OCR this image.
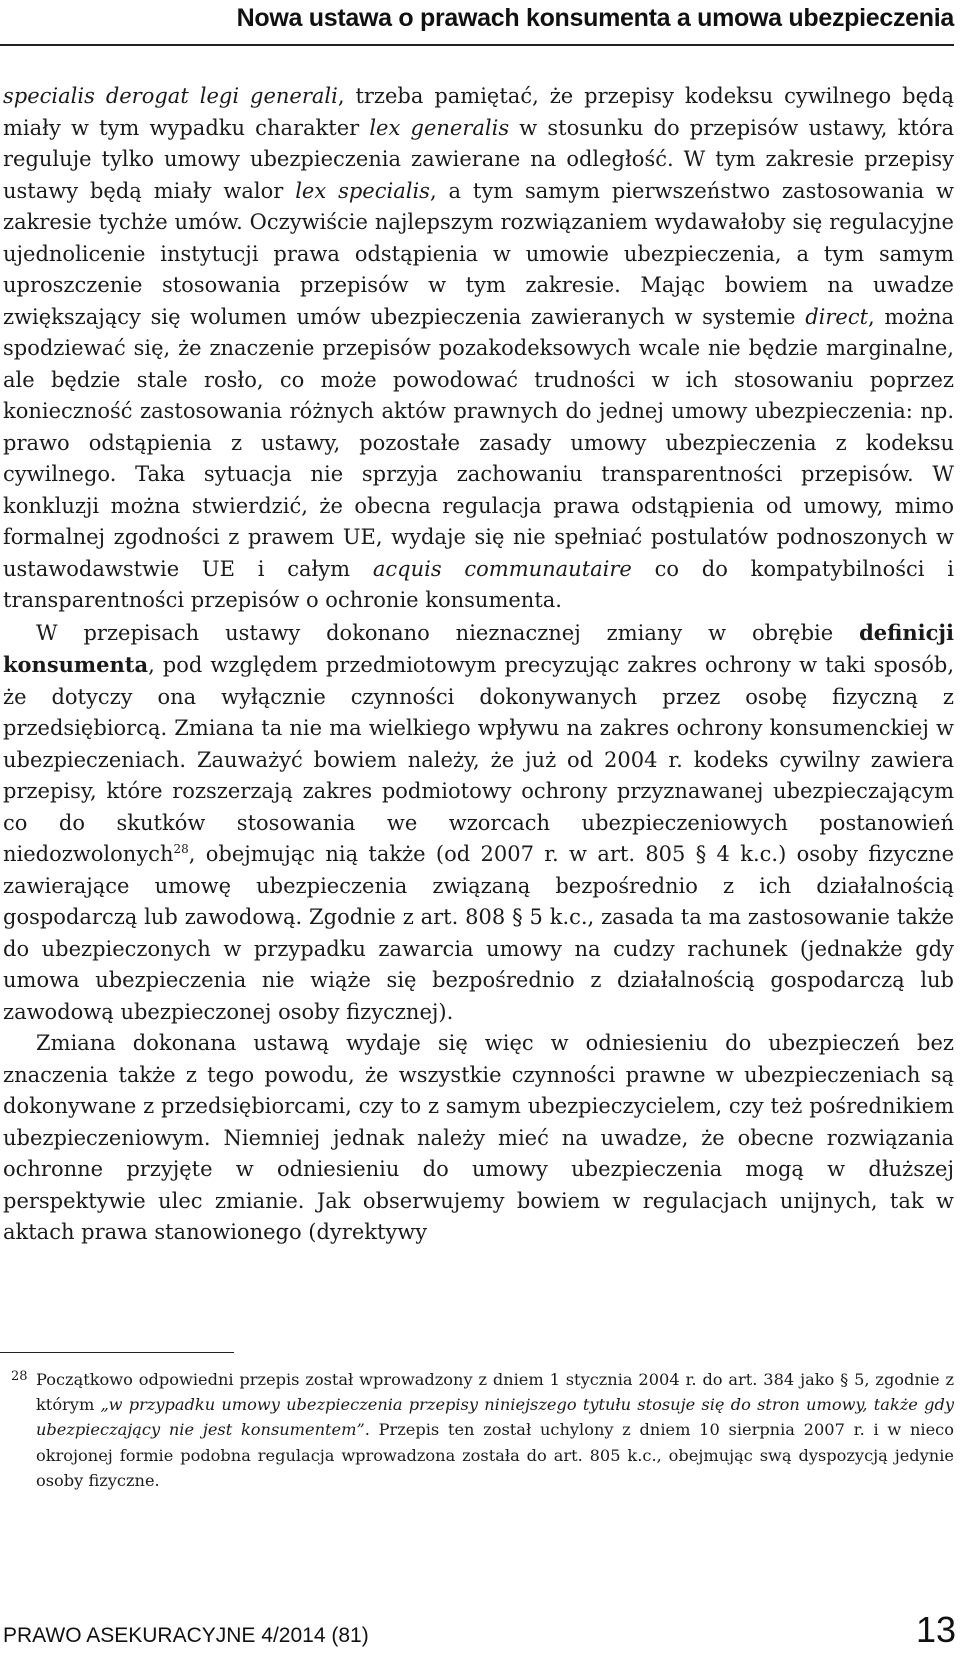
Nowa ustawa o prawach konsumenta a umowa ubezpieczenia

specialis derogat legi generali, trzeba pamiętać, że przepisy kodeksu cywilnego będą miały w tym wypadku charakter lex generalis w stosunku do przepisów ustawy, która reguluje tylko umowy ubezpieczenia zawierane na odległość. W tym zakresie przepisy ustawy będą miały walor lex specialis, a tym samym pierwszeństwo zastosowania w zakresie tychże umów. Oczywiście najlepszym rozwiązaniem wydawałoby się regulacyjne ujednolicenie instytucji prawa odstąpienia w umowie ubezpieczenia, a tym samym uproszczenie stosowania przepisów w tym zakresie. Mając bowiem na uwadze zwiększający się wolumen umów ubezpieczenia zawieranych w systemie direct, można spodziewać się, że znaczenie przepisów pozakodeksowych wcale nie będzie marginalne, ale będzie stale rosło, co może powodować trudności w ich stosowaniu poprzez konieczność zastosowania różnych aktów prawnych do jednej umowy ubezpieczenia: np. prawo odstąpienia z ustawy, pozostałe zasady umowy ubezpieczenia z kodeksu cywilnego. Taka sytuacja nie sprzyja zachowaniu transparentności przepisów. W konkluzji można stwierdzić, że obecna regulacja prawa odstąpienia od umowy, mimo formalnej zgodności z prawem UE, wydaje się nie spełniać postulatów podnoszonych w ustawodawstwie UE i całym acquis communautaire co do kompatybilności i transparentności przepisów o ochronie konsumenta.

W przepisach ustawy dokonano nieznacznej zmiany w obrębie definicji konsumenta, pod względem przedmiotowym precyzując zakres ochrony w taki sposób, że dotyczy ona wyłącznie czynności dokonywanych przez osobę fizyczną z przedsiębiorcą. Zmiana ta nie ma wielkiego wpływu na zakres ochrony konsumenckiej w ubezpieczeniach. Zauważyć bowiem należy, że już od 2004 r. kodeks cywilny zawiera przepisy, które rozszerzają zakres podmiotowy ochrony przyznawanej ubezpieczającym co do skutków stosowania we wzorcach ubezpieczeniowych postanowień niedozwolonych$^{28}$, obejmując nią także (od 2007 r. w art. 805 § 4 k.c.) osoby fizyczne zawierające umowę ubezpieczenia związaną bezpośrednio z ich działalnością gospodarczą lub zawodową. Zgodnie z art. 808 § 5 k.c., zasada ta ma zastosowanie także do ubezpieczonych w przypadku zawarcia umowy na cudzy rachunek (jednakże gdy umowa ubezpieczenia nie wiąże się bezpośrednio z działalnością gospodarczą lub zawodową ubezpieczonej osoby fizycznej).

Zmiana dokonana ustawą wydaje się więc w odniesieniu do ubezpieczeń bez znaczenia także z tego powodu, że wszystkie czynności prawne w ubezpieczeniach są dokonywane z przedsiębiorcami, czy to z samym ubezpieczycielem, czy też pośrednikiem ubezpieczeniowym. Niemniej jednak należy mieć na uwadze, że obecne rozwiązania ochronne przyjęte w odniesieniu do umowy ubezpieczenia mogą w dłuższej perspektywie ulec zmianie. Jak obserwujemy bowiem w regulacjach unijnych, tak w aktach prawa stanowionego (dyrektywy

28 Początkowo odpowiedni przepis został wprowadzony z dniem 1 stycznia 2004 r. do art. 384 jako § 5, zgodnie z którym „w przypadku umowy ubezpieczenia przepisy niniejszego tytułu stosuje się do stron umowy, także gdy ubezpieczający nie jest konsumentem”. Przepis ten został uchylony z dniem 10 sierpnia 2007 r. i w nieco okrojonej formie podobna regulacja wprowadzona została do art. 805 k.c., obejmując swą dyspozycją jedynie osoby fizyczne.
PRAWO ASEKURACYJNE 4/2014 (81)	13
